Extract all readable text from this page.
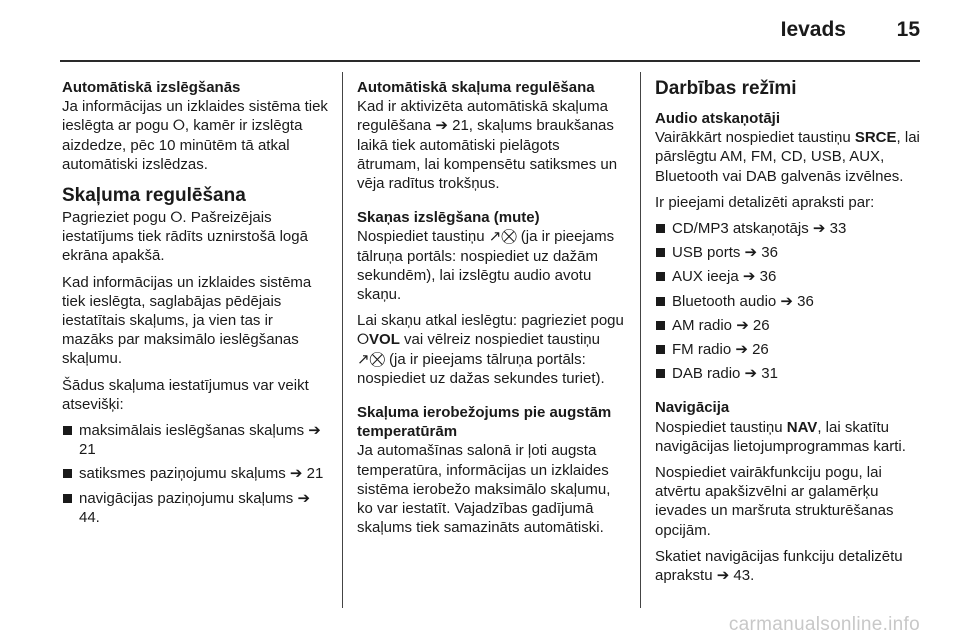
Ievads 15
Automātiskā izslēgšanās

Ja informācijas un izklaides sistēma tiek ieslēgta ar pogu ⭘, kamēr ir izslēgta aizdedze, pēc 10 minūtēm tā atkal automātiski izslēdzas.

Skaļuma regulēšana

Pagrieziet pogu ⭘. Pašreizējais iestatījums tiek rādīts uznirstošā logā ekrāna apakšā.

Kad informācijas un izklaides sistēma tiek ieslēgta, saglabājas pēdējais iestatītais skaļums, ja vien tas ir mazāks par maksimālo ieslēgšanas skaļumu.

Šādus skaļuma iestatījumus var veikt atsevišķi:

maksimālais ieslēgšanas skaļums ➔ 21
satiksmes paziņojumu skaļums ➔ 21
navigācijas paziņojumu skaļums ➔ 44.
Automātiskā skaļuma regulēšana

Kad ir aktivizēta automātiskā skaļuma regulēšana ➔ 21, skaļums braukšanas laikā tiek automātiski pielāgots ātrumam, lai kompensētu satiksmes un vēja radītus trokšņus.

Skaņas izslēgšana (mute)

Nospiediet taustiņu ↗⛒ (ja ir pieejams tālruņa portāls: nospiediet uz dažām sekundēm), lai izslēgtu audio avotu skaņu.

Lai skaņu atkal ieslēgtu: pagrieziet pogu ⭘VOL vai vēlreiz nospiediet taustiņu ↗⛒ (ja ir pieejams tālruņa portāls: nospiediet uz dažas sekundes turiet).

Skaļuma ierobežojums pie augstām temperatūrām

Ja automašīnas salonā ir ļoti augsta temperatūra, informācijas un izklaides sistēma ierobežo maksimālo skaļumu, ko var iestatīt. Vajadzības gadījumā skaļums tiek samazināts automātiski.

Darbības režīmi
Audio atskaņotāji

Vairākkārt nospiediet taustiņu SRCE, lai pārslēgtu AM, FM, CD, USB, AUX, Bluetooth vai DAB galvenās izvēlnes.

Ir pieejami detalizēti apraksti par:

CD/MP3 atskaņotājs ➔ 33
USB ports ➔ 36
AUX ieeja ➔ 36
Bluetooth audio ➔ 36
AM radio ➔ 26
FM radio ➔ 26
DAB radio ➔ 31
Navigācija

Nospiediet taustiņu NAV, lai skatītu navigācijas lietojumprogrammas karti.

Nospiediet vairākfunkciju pogu, lai atvērtu apakšizvēlni ar galamērķu ievades un maršruta strukturēšanas opcijām.

Skatiet navigācijas funkciju detalizētu aprakstu ➔ 43.

carmanualsonline.info
